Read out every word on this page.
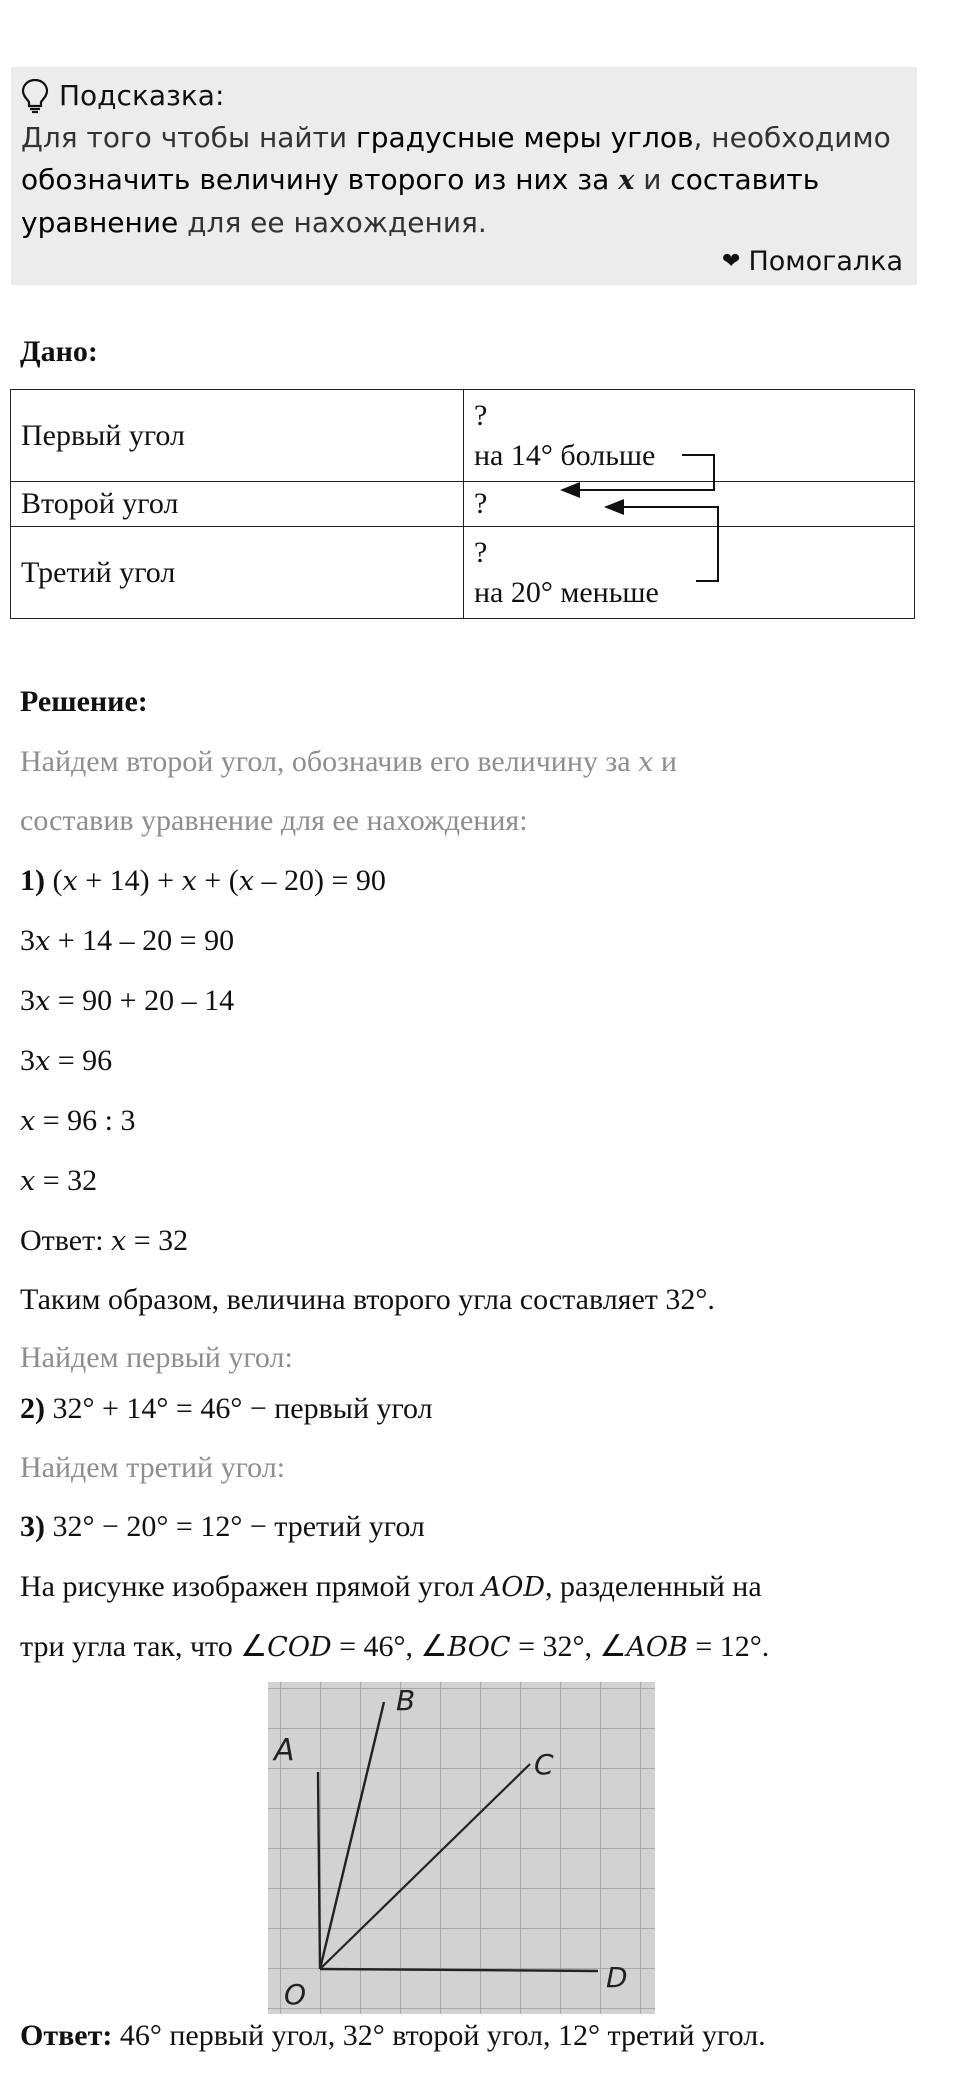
Подсказка:
Для того чтобы найти градусные меры углов, необходимо
обозначить величину второго из них за x и составить
уравнение для ее нахождения.
❤ Помогалка
Дано:
Первый угол	?
на 14° больше

Второй угол	?

Третий угол	?
на 20° меньше
Решение:
Найдем второй угол, обозначив его величину за x и
составив уравнение для ее нахождения:
1) (x + 14) + x + (x – 20) = 90
3x + 14 – 20 = 90
3x = 90 + 20 – 14
3x = 96
x = 96 : 3
x = 32
Ответ: x = 32
Таким образом, величина второго угла составляет 32°.
Найдем первый угол:
2) 32° + 14° = 46° − первый угол
Найдем третий угол:
3) 32° − 20° = 12° − третий угол
На рисунке изображен прямой угол AOD, разделенный на
три угла так, что ∠COD = 46°, ∠BOC = 32°, ∠AOB = 12°.
Ответ: 46° первый угол, 32° второй угол, 12° третий угол.
A
B
C
O
D
